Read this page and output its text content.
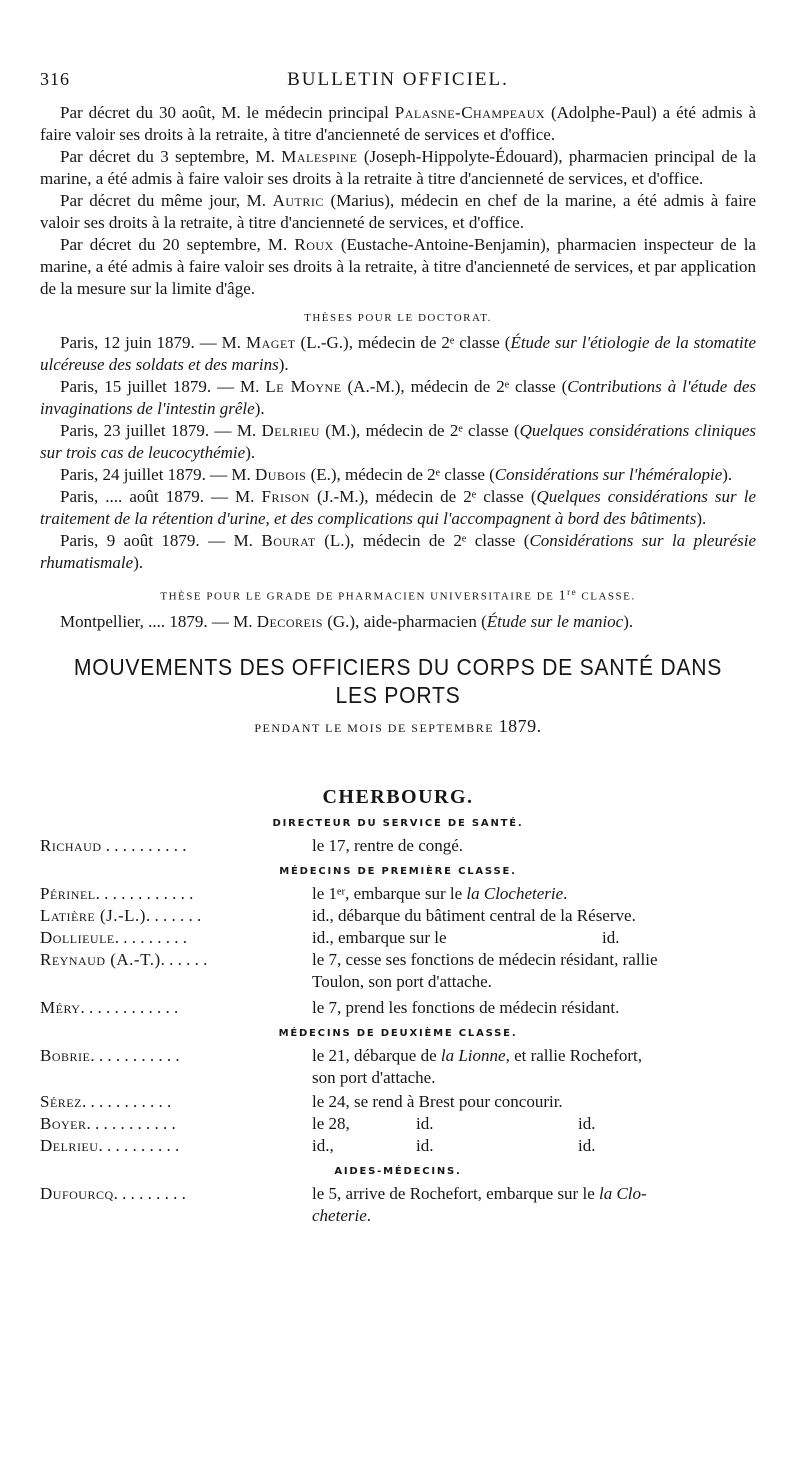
316	BULLETIN OFFICIEL.

Par décret du 30 août, M. le médecin principal Palasne-Champeaux (Adolphe-Paul) a été admis à faire valoir ses droits à la retraite, à titre d'ancienneté de services et d'office.

Par décret du 3 septembre, M. Malespine (Joseph-Hippolyte-Édouard), pharmacien principal de la marine, a été admis à faire valoir ses droits à la retraite à titre d'ancienneté de services, et d'office.

Par décret du même jour, M. Autric (Marius), médecin en chef de la marine, a été admis à faire valoir ses droits à la retraite, à titre d'ancienneté de services, et d'office.

Par décret du 20 septembre, M. Roux (Eustache-Antoine-Benjamin), pharmacien inspecteur de la marine, a été admis à faire valoir ses droits à la retraite, à titre d'ancienneté de services, et par application de la mesure sur la limite d'âge.

THÈSES POUR LE DOCTORAT.

Paris, 12 juin 1879. — M. Maget (L.-G.), médecin de 2ᵉ classe (Étude sur l'étiologie de la stomatite ulcéreuse des soldats et des marins).

Paris, 15 juillet 1879. — M. Le Moyne (A.-M.), médecin de 2ᵉ classe (Contributions à l'étude des invaginations de l'intestin grêle).

Paris, 23 juillet 1879. — M. Delrieu (M.), médecin de 2ᵉ classe (Quelques considérations cliniques sur trois cas de leucocythémie).

Paris, 24 juillet 1879. — M. Dubois (E.), médecin de 2ᵉ classe (Considérations sur l'héméralopie).

Paris, .... août 1879. — M. Frison (J.-M.), médecin de 2ᵉ classe (Quelques considérations sur le traitement de la rétention d'urine, et des complications qui l'accompagnent à bord des bâtiments).

Paris, 9 août 1879. — M. Bourat (L.), médecin de 2ᵉ classe (Considérations sur la pleurésie rhumatismale).

THÈSE POUR LE GRADE DE PHARMACIEN UNIVERSITAIRE DE 1re CLASSE.

Montpellier, .... 1879. — M. Decoreis (G.), aide-pharmacien (Étude sur le manioc).

MOUVEMENTS DES OFFICIERS DU CORPS DE SANTÉ DANS LES PORTS
PENDANT LE MOIS DE SEPTEMBRE 1879.
CHERBOURG.
DIRECTEUR DU SERVICE DE SANTÉ.
Richaud . . . . . . . . . .	le 17, rentre de congé.
MÉDECINS DE PREMIÈRE CLASSE.
Périnel. . . . . . . . . . . .	le 1ᵉʳ, embarque sur le la Clocheterie.
Latière (J.-L.). . . . . . .	id., débarque du bâtiment central de la Réserve.
Dollieule. . . . . . . . .	id., embarque sur le	id.
Reynaud (A.-T.). . . . . .	le 7, cesse ses fonctions de médecin résidant, rallie
Toulon, son port d'attache.
Méry. . . . . . . . . . . .	le 7, prend les fonctions de médecin résidant.
MÉDECINS DE DEUXIÈME CLASSE.
Bobrie. . . . . . . . . . .	le 21, débarque de la Lionne, et rallie Rochefort,
son port d'attache.
Sérez. . . . . . . . . . .	le 24, se rend à Brest pour concourir.
Boyer. . . . . . . . . . .	le 28,	id.	id.
Delrieu. . . . . . . . . .	id.,	id.	id.
AIDES-MÉDECINS.
Dufourcq. . . . . . . . .	le 5, arrive de Rochefort, embarque sur le la Clo-
cheterie.
